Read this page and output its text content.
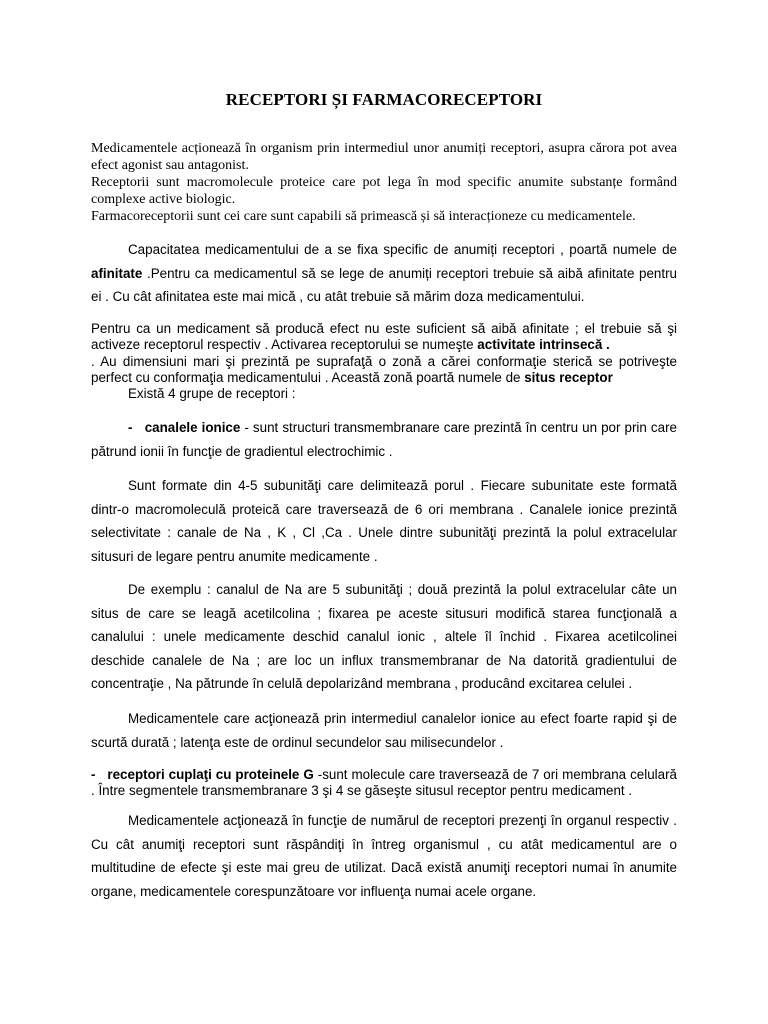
RECEPTORI ȘI FARMACORECEPTORI

Medicamentele acționează în organism prin intermediul unor anumiți receptori, asupra cărora pot avea efect agonist sau antagonist.

Receptorii sunt macromolecule proteice care pot lega în mod specific anumite substanțe formând complexe active biologic.

Farmacoreceptorii sunt cei care sunt capabili să primească și să interacționeze cu medicamentele.

Capacitatea medicamentului de a se fixa specific de anumiți receptori , poartă numele de afinitate .Pentru ca medicamentul să se lege de anumiți receptori trebuie să aibă afinitate pentru ei . Cu cât afinitatea este mai mică , cu atât trebuie să mărim doza medicamentului.

Pentru ca un medicament să producă efect nu este suficient să aibă afinitate ; el trebuie să şi activeze receptorul respectiv . Activarea receptorului se numeşte activitate intrinsecă .

. Au dimensiuni mari şi prezintă pe suprafaţă o zonă a cărei conformaţie sterică se potriveşte perfect cu conformaţia medicamentului . Această zonă poartă numele de situs receptor

Există 4 grupe de receptori :

- canalele ionice - sunt structuri transmembranare care prezintă în centru un por prin care pătrund ionii în funcţie de gradientul electrochimic .

Sunt formate din 4-5 subunităţi care delimitează porul . Fiecare subunitate este formată dintr-o macromoleculă proteică care traversează de 6 ori membrana . Canalele ionice prezintă selectivitate : canale de Na , K , Cl ,Ca . Unele dintre subunităţi prezintă la polul extracelular situsuri de legare pentru anumite medicamente .

De exemplu : canalul de Na are 5 subunităţi ; două prezintă la polul extracelular câte un situs de care se leagă acetilcolina ; fixarea pe aceste situsuri modifică starea funcţională a canalului : unele medicamente deschid canalul ionic , altele îl închid . Fixarea acetilcolinei deschide canalele de Na ; are loc un influx transmembranar de Na datorită gradientului de concentraţie , Na pătrunde în celulă depolarizând membrana , producând excitarea celulei .

Medicamentele care acţionează prin intermediul canalelor ionice au efect foarte rapid şi de scurtă durată ; latenţa este de ordinul secundelor sau milisecundelor .

- receptori cuplaţi cu proteinele G -sunt molecule care traversează de 7 ori membrana celulară . Între segmentele transmembranare 3 şi 4 se găseşte situsul receptor pentru medicament .

Medicamentele acţionează în funcţie de numărul de receptori prezenţi în organul respectiv . Cu cât anumiţi receptori sunt răspândiţi în întreg organismul , cu atât medicamentul are o multitudine de efecte şi este mai greu de utilizat. Dacă există anumiţi receptori numai în anumite organe, medicamentele corespunzătoare vor influenţa numai acele organe.
